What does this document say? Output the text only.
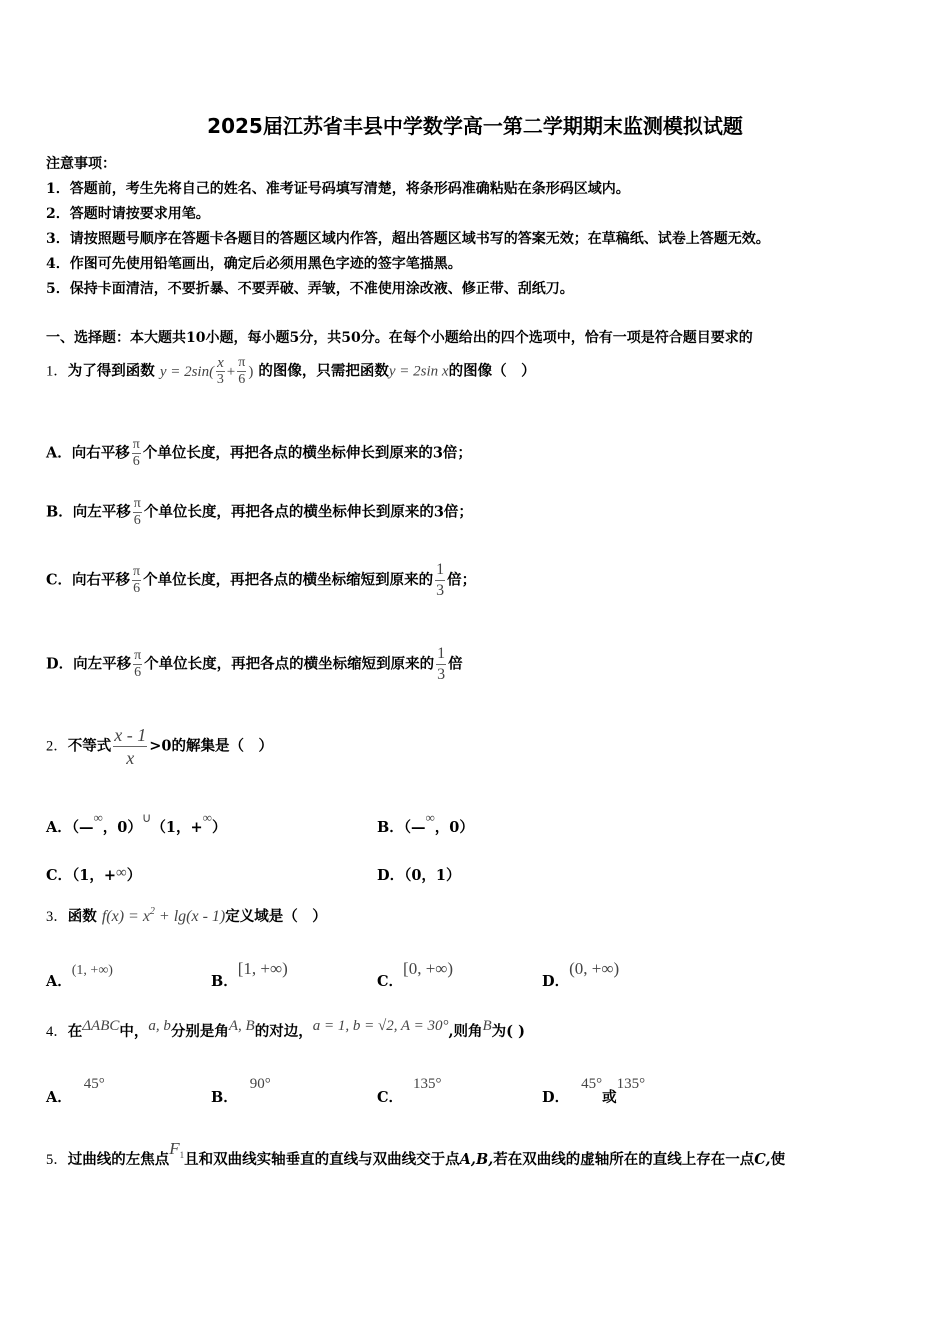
2025届江苏省丰县中学数学高一第二学期期末监测模拟试题
注意事项：
1．答题前，考生先将自己的姓名、准考证号码填写清楚，将条形码准确粘贴在条形码区域内。
2．答题时请按要求用笔。
3．请按照题号顺序在答题卡各题目的答题区域内作答，超出答题区域书写的答案无效；在草稿纸、试卷上答题无效。
4．作图可先使用铅笔画出，确定后必须用黑色字迹的签字笔描黑。
5．保持卡面清洁，不要折暴、不要弄破、弄皱，不准使用涂改液、修正带、刮纸刀。
一、选择题：本大题共10小题，每小题5分，共50分。在每个小题给出的四个选项中，恰有一项是符合题目要求的
1．为了得到函数 $y = 2\sin( \frac{x}{3} + \frac{\pi}{6}$ ) 的图像，只需把函数y = 2sin x的图像（　）
A．向右平移 $\frac{\pi}{6}$ 个单位长度，再把各点的横坐标伸长到原来的3倍；
B．向左平移 $\frac{\pi}{6}$ 个单位长度，再把各点的横坐标伸长到原来的3倍；
C．向右平移 $\frac{\pi}{6}$ 个单位长度，再把各点的横坐标缩短到原来的 $\frac{1}{3}$ 倍；
D．向左平移 $\frac{\pi}{6}$ 个单位长度，再把各点的横坐标缩短到原来的 $\frac{1}{3}$ 倍
2．不等式 $\frac{x - 1}{x} >0$的解集是（　）
A．（—∞，0）∪（1，+∞）	B．（—∞，0）
C．（1，+∞）	D．（0，1）
3．函数 $f(x) = x^2 + \lg(x - 1)$定义域是（　）
A．(1, +∞)
B．[1, +∞)
C．[0, +∞)
D．(0, +∞)
4．在ΔABC中，a, b分别是角A, B的对边，a = 1, b = √2, A = 30°,则角B为( )
A．45°
B．90°
C．135°
D．45°或135°
5．过曲线的左焦点$F_1$且和双曲线实轴垂直的直线与双曲线交于点A,B,若在双曲线的虚轴所在的直线上存在一点C,使
